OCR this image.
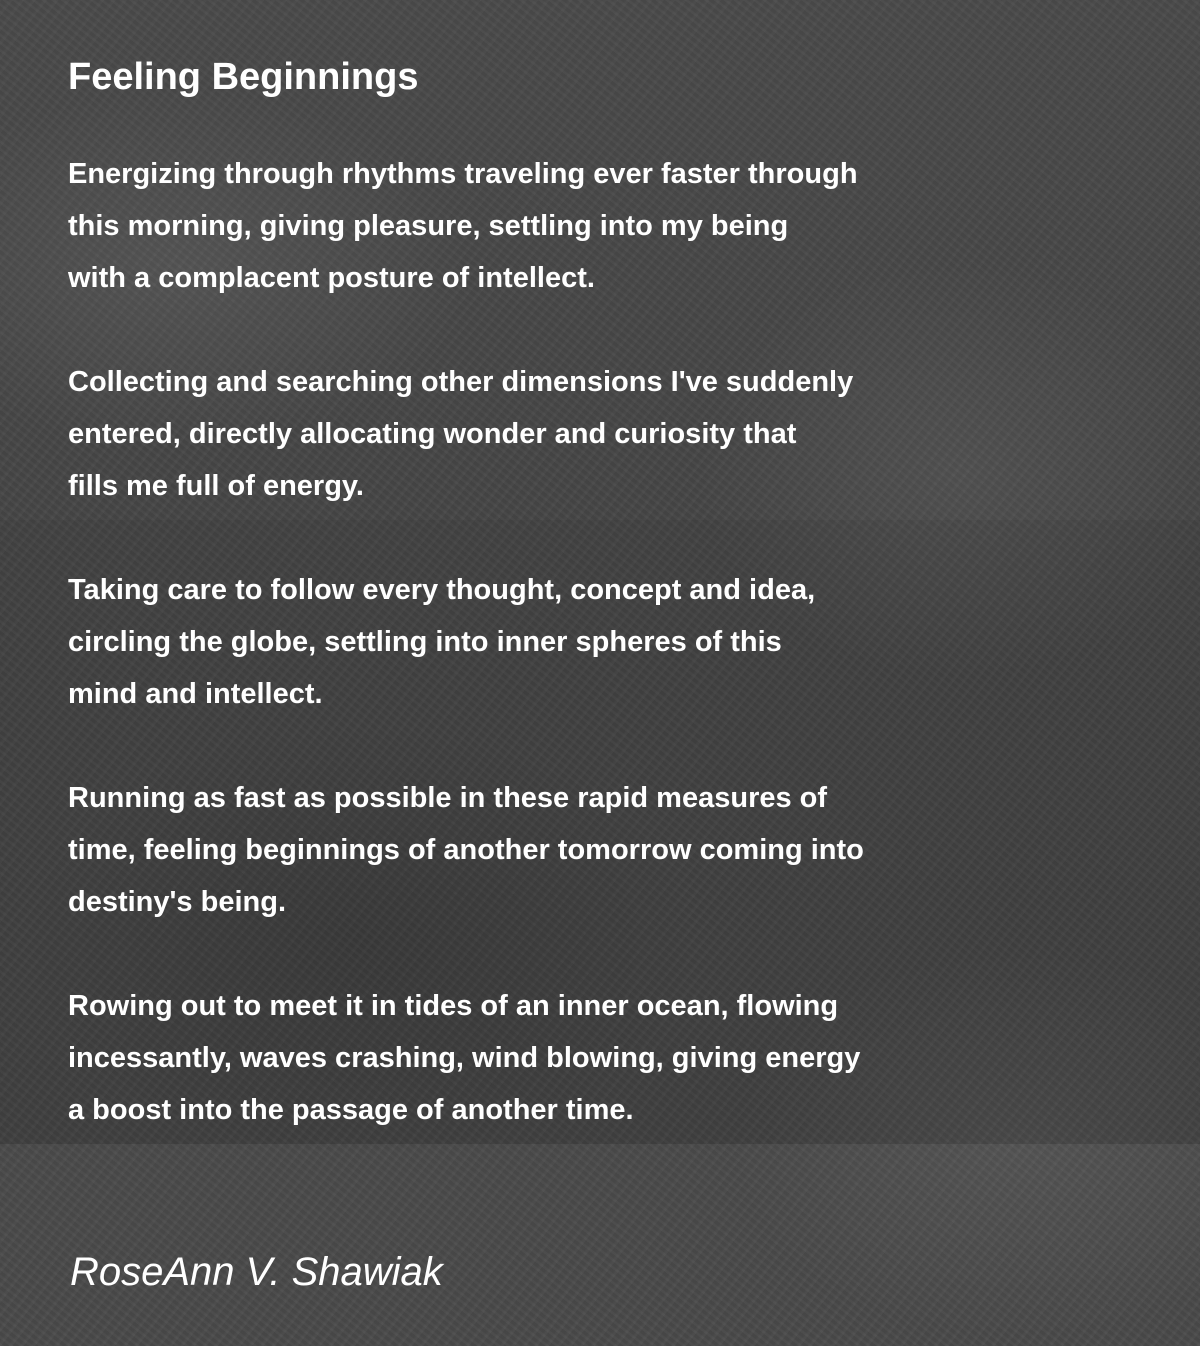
Feeling Beginnings

Energizing through rhythms traveling ever faster through
this morning, giving pleasure, settling into my being
with a complacent posture of intellect.

Collecting and searching other dimensions I've suddenly
entered, directly allocating wonder and curiosity that
fills me full of energy.

Taking care to follow every thought, concept and idea,
circling the globe, settling into inner spheres of this
mind and intellect.

Running as fast as possible in these rapid measures of
time, feeling beginnings of another tomorrow coming into
destiny's being.

Rowing out to meet it in tides of an inner ocean, flowing
incessantly, waves crashing, wind blowing, giving energy
a boost into the passage of another time.

RoseAnn V. Shawiak
